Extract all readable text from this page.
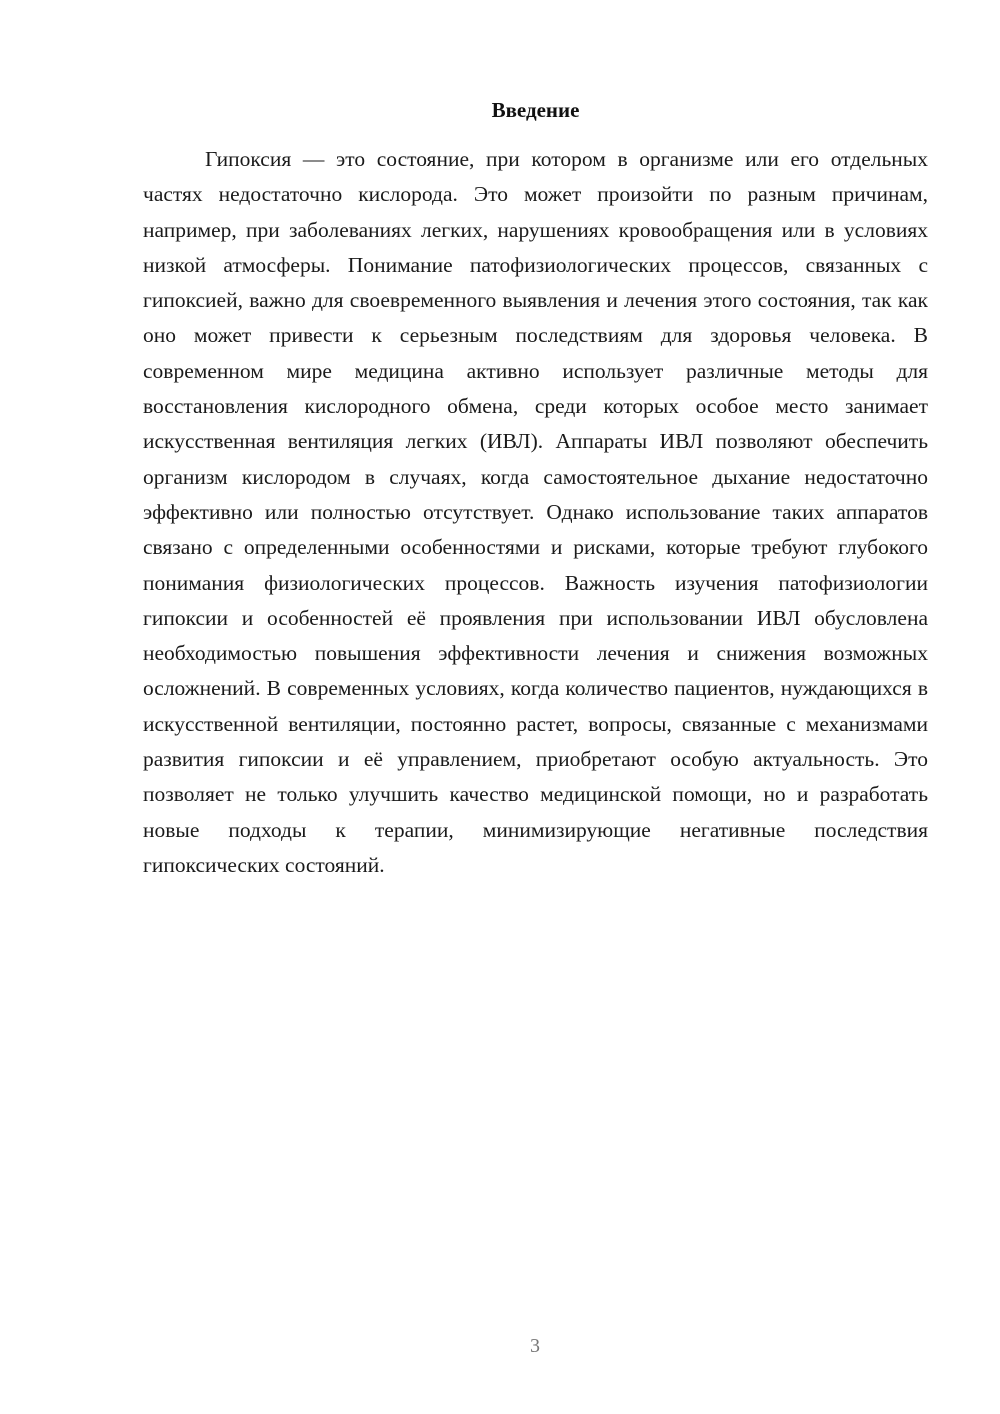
Введение

Гипоксия — это состояние, при котором в организме или его отдельных частях недостаточно кислорода. Это может произойти по разным причинам, например, при заболеваниях легких, нарушениях кровообращения или в условиях низкой атмосферы. Понимание патофизиологических процессов, связанных с гипоксией, важно для своевременного выявления и лечения этого состояния, так как оно может привести к серьезным последствиям для здоровья человека. В современном мире медицина активно использует различные методы для восстановления кислородного обмена, среди которых особое место занимает искусственная вентиляция легких (ИВЛ). Аппараты ИВЛ позволяют обеспечить организм кислородом в случаях, когда самостоятельное дыхание недостаточно эффективно или полностью отсутствует. Однако использование таких аппаратов связано с определенными особенностями и рисками, которые требуют глубокого понимания физиологических процессов. Важность изучения патофизиологии гипоксии и особенностей её проявления при использовании ИВЛ обусловлена необходимостью повышения эффективности лечения и снижения возможных осложнений. В современных условиях, когда количество пациентов, нуждающихся в искусственной вентиляции, постоянно растет, вопросы, связанные с механизмами развития гипоксии и её управлением, приобретают особую актуальность. Это позволяет не только улучшить качество медицинской помощи, но и разработать новые подходы к терапии, минимизирующие негативные последствия гипоксических состояний.

3
